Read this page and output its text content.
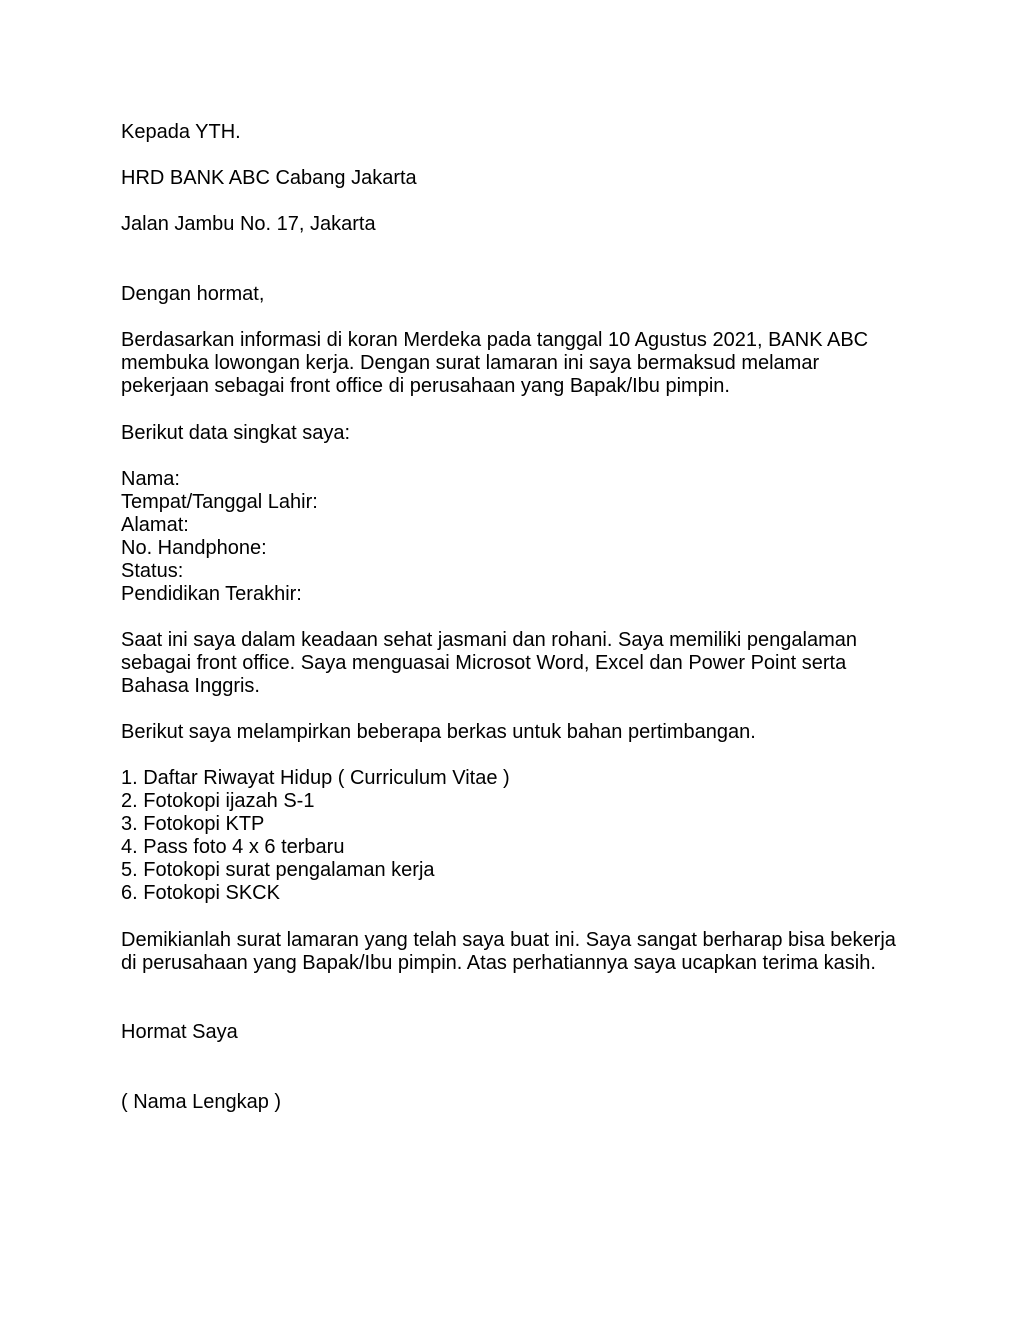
Kepada YTH.

HRD BANK ABC Cabang Jakarta

Jalan Jambu No. 17, Jakarta

Dengan hormat,

Berdasarkan informasi di koran Merdeka pada tanggal 10 Agustus 2021, BANK ABC
membuka lowongan kerja. Dengan surat lamaran ini saya bermaksud melamar
pekerjaan sebagai front office di perusahaan yang Bapak/Ibu pimpin.

Berikut data singkat saya:

Nama:
Tempat/Tanggal Lahir:
Alamat:
No. Handphone:
Status:
Pendidikan Terakhir:
Saat ini saya dalam keadaan sehat jasmani dan rohani. Saya memiliki pengalaman
sebagai front office. Saya menguasai Microsot Word, Excel dan Power Point serta
Bahasa Inggris.

Berikut saya melampirkan beberapa berkas untuk bahan pertimbangan.

1. Daftar Riwayat Hidup ( Curriculum Vitae )
2. Fotokopi ijazah S-1
3. Fotokopi KTP
4. Pass foto 4 x 6 terbaru
5. Fotokopi surat pengalaman kerja
6. Fotokopi SKCK
Demikianlah surat lamaran yang telah saya buat ini. Saya sangat berharap bisa bekerja
di perusahaan yang Bapak/Ibu pimpin. Atas perhatiannya saya ucapkan terima kasih.

Hormat Saya

( Nama Lengkap )
